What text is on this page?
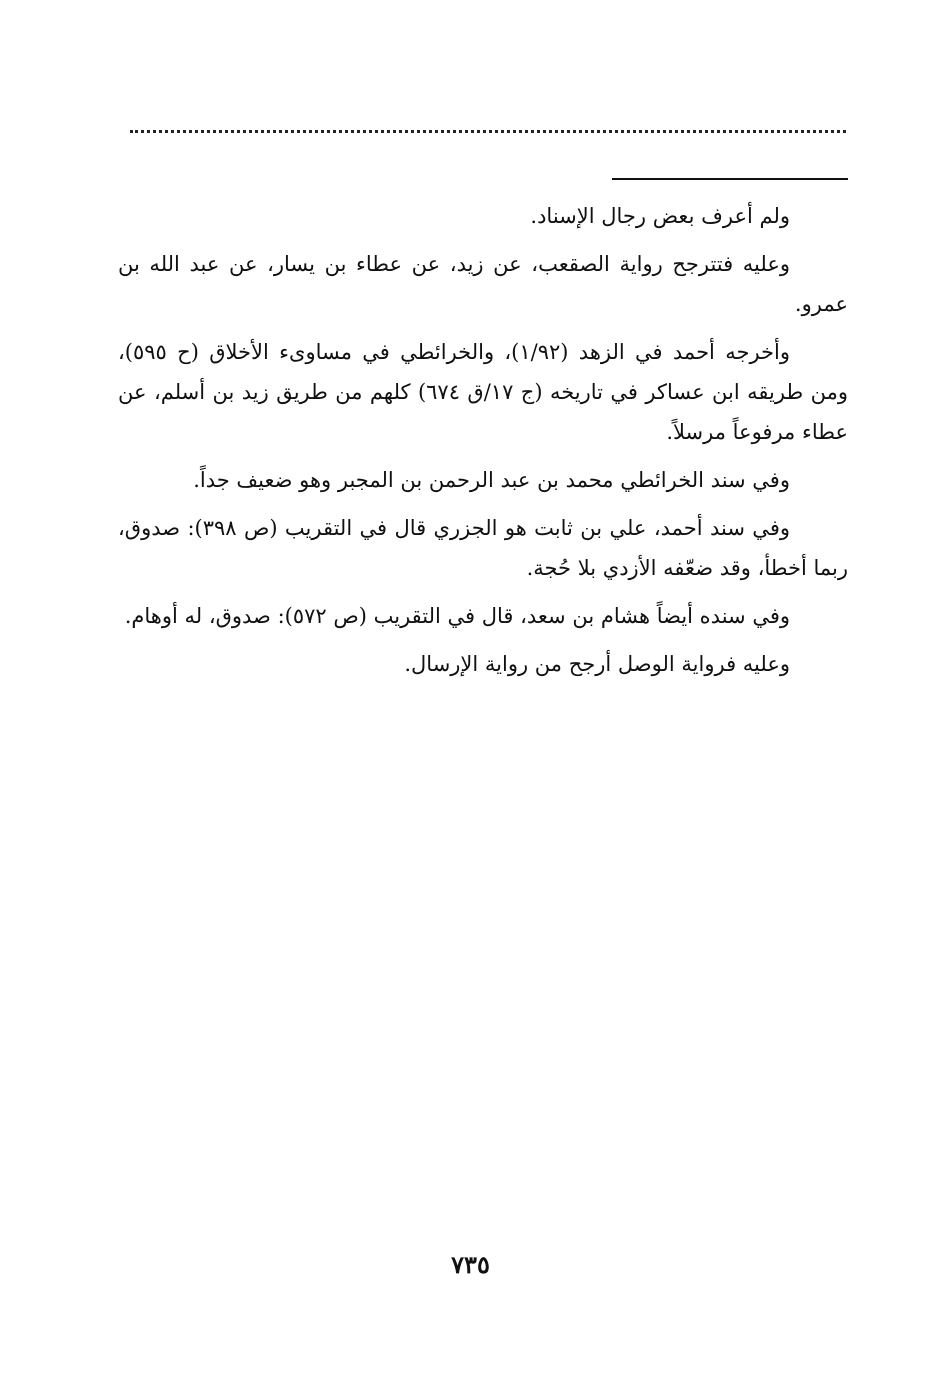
ولم أعرف بعض رجال الإسناد.

وعليه فتترجح رواية الصقعب، عن زيد، عن عطاء بن يسار، عن عبد الله بن عمرو.

وأخرجه أحمد في الزهد (١/٩٢)، والخرائطي في مساوىء الأخلاق (ح ٥٩٥)، ومن طريقه ابن عساكر في تاريخه (ج ١٧/ق ٦٧٤) كلهم من طريق زيد بن أسلم، عن عطاء مرفوعاً مرسلاً.

وفي سند الخرائطي محمد بن عبد الرحمن بن المجبر وهو ضعيف جداً.

وفي سند أحمد، علي بن ثابت هو الجزري قال في التقريب (ص ٣٩٨): صدوق، ربما أخطأ، وقد ضعّفه الأزدي بلا حُجة.

وفي سنده أيضاً هشام بن سعد، قال في التقريب (ص ٥٧٢): صدوق، له أوهام.

وعليه فرواية الوصل أرجح من رواية الإرسال.

٧٣٥
